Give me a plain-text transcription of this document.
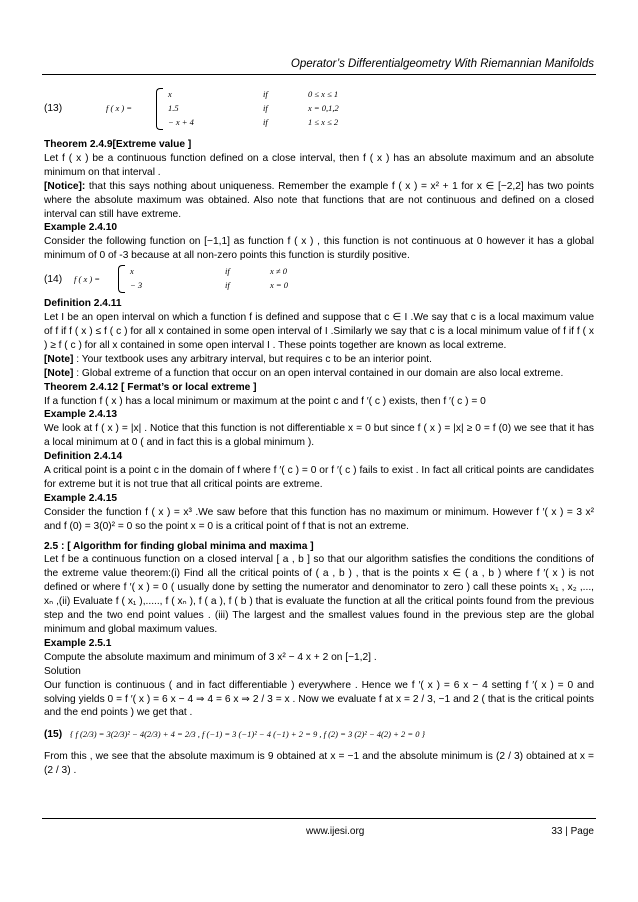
Operator’s Differentialgeometry With Riemannian Manifolds
(13)	f ( x ) =
x	if	0 ≤ x ≤ 1
1.5	if	x = 0,1,2
− x + 4	if	1 ≤ x ≤ 2

Theorem 2.4.9[Extreme value ]

Let f ( x ) be a continuous function defined on a close interval, then f ( x ) has an absolute maximum and an absolute minimum on that interval .

[Notice]: that this says nothing about uniqueness. Remember the example f ( x ) = x² + 1 for x ∈ [−2,2] has two points where the absolute maximum was obtained. Also note that functions that are not continuous and defined on a closed interval can still have extreme.

Example 2.4.10

Consider the following function on [−1,1] as function f ( x ) , this function is not continuous at 0 however it has a global minimum of 0 of -3 because at all non-zero points this function is sturdily positive.

(14) f ( x ) =
x	if	x ≠ 0
− 3	if	x = 0

Definition 2.4.11

Let I be an open interval on which a function f is defined and suppose that c ∈ I .We say that c is a local maximum value of f if f ( x ) ≤ f ( c ) for all x contained in some open interval of I .Similarly we say that c is a local minimum value of f if f ( x ) ≥ f ( c ) for all x contained in some open interval I . These points together are known as local extreme.

[Note] : Your textbook uses any arbitrary interval, but requires c to be an interior point.

[Note] : Global extreme of a function that occur on an open interval contained in our domain are also local extreme.

Theorem 2.4.12 [ Fermat’s or local extreme ]

If a function f ( x ) has a local minimum or maximum at the point c and f ′( c ) exists, then f ′( c ) = 0

Example 2.4.13

We look at f ( x ) = |x| . Notice that this function is not differentiable x = 0 but since f ( x ) = |x| ≥ 0 = f (0) we see that it has a local minimum at 0 ( and in fact this is a global minimum ).

Definition 2.4.14

A critical point is a point c in the domain of f where f ′( c ) = 0 or f ′( c ) fails to exist . In fact all critical points are candidates for extreme but it is not true that all critical points are extreme.

Example 2.4.15

Consider the function f ( x ) = x³ .We saw before that this function has no maximum or minimum. However f ′( x ) = 3 x² and f (0) = 3(0)² = 0 so the point x = 0 is a critical point of f that is not an extreme.

2.5 : [ Algorithm for finding global minima and maxima ]

Let f be a continuous function on a closed interval [ a , b ] so that our algorithm satisfies the conditions the conditions of the extreme value theorem:(i) Find all the critical points of ( a , b ) , that is the points x ∈ ( a , b ) where f ′( x ) is not defined or where f ′( x ) = 0 ( usually done by setting the numerator and denominator to zero ) call these points x₁ , x₂ ,..., xₙ ,(ii) Evaluate f ( x₁ ),....., f ( xₙ ), f ( a ), f ( b ) that is evaluate the function at all the critical points found from the previous step and the two end point values . (iii) The largest and the smallest values found in the previous step are the global minimum and global maximum values.

Example 2.5.1

Compute the absolute maximum and minimum of 3 x² − 4 x + 2 on [−1,2] .

Solution

Our function is continuous ( and in fact differentiable ) everywhere . Hence we f ′( x ) = 6 x − 4 setting f ′( x ) = 0 and solving yields 0 = f ′( x ) = 6 x − 4 ⇒ 4 = 6 x ⇒ 2 / 3 = x . Now we evaluate f at x = 2 / 3, −1 and 2 ( that is the critical points and the end points ) we get that .

(15) { f (2/3) = 3(2/3)² − 4(2/3) + 4 = 2/3 , f (−1) = 3 (−1)² − 4 (−1) + 2 = 9 , f (2) = 3 (2)² − 4(2) + 2 = 0 }

From this , we see that the absolute maximum is 9 obtained at x = −1 and the absolute minimum is (2 / 3) obtained at x = (2 / 3) .

www.ijesi.org	33 | Page
